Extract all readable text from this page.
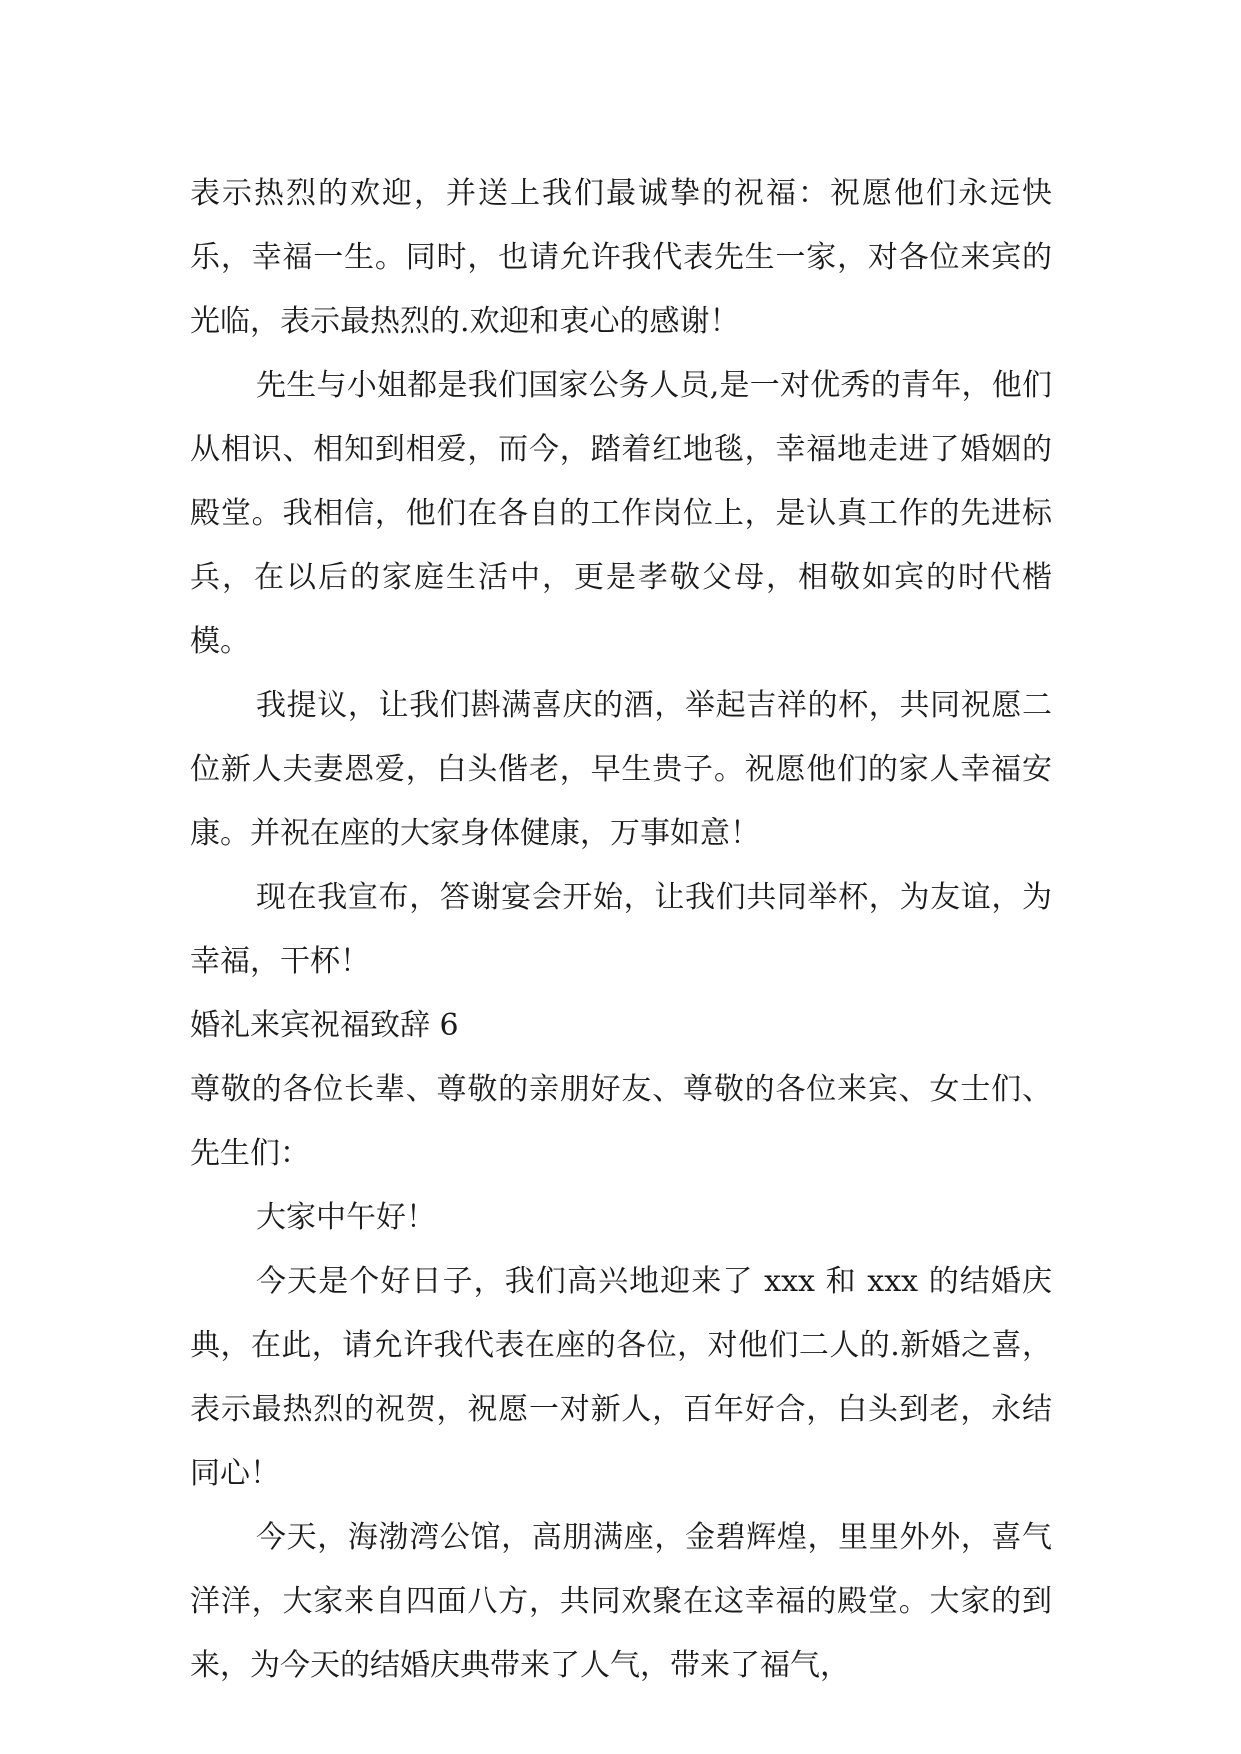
表示热烈的欢迎，并送上我们最诚挚的祝福：祝愿他们永远快乐，幸福一生。同时，也请允许我代表先生一家，对各位来宾的光临，表示最热烈的.欢迎和衷心的感谢！

先生与小姐都是我们国家公务人员,是一对优秀的青年，他们从相识、相知到相爱，而今，踏着红地毯，幸福地走进了婚姻的殿堂。我相信，他们在各自的工作岗位上，是认真工作的先进标兵，在以后的家庭生活中，更是孝敬父母，相敬如宾的时代楷模。

我提议，让我们斟满喜庆的酒，举起吉祥的杯，共同祝愿二位新人夫妻恩爱，白头偕老，早生贵子。祝愿他们的家人幸福安康。并祝在座的大家身体健康，万事如意！

现在我宣布，答谢宴会开始，让我们共同举杯，为友谊，为幸福，干杯！

婚礼来宾祝福致辞 6

尊敬的各位长辈、尊敬的亲朋好友、尊敬的各位来宾、女士们、先生们：

大家中午好！

今天是个好日子，我们高兴地迎来了 xxx 和 xxx 的结婚庆典，在此，请允许我代表在座的各位，对他们二人的.新婚之喜，表示最热烈的祝贺，祝愿一对新人，百年好合，白头到老，永结同心！

今天，海渤湾公馆，高朋满座，金碧辉煌，里里外外，喜气洋洋，大家来自四面八方，共同欢聚在这幸福的殿堂。大家的到来，为今天的结婚庆典带来了人气，带来了福气，
